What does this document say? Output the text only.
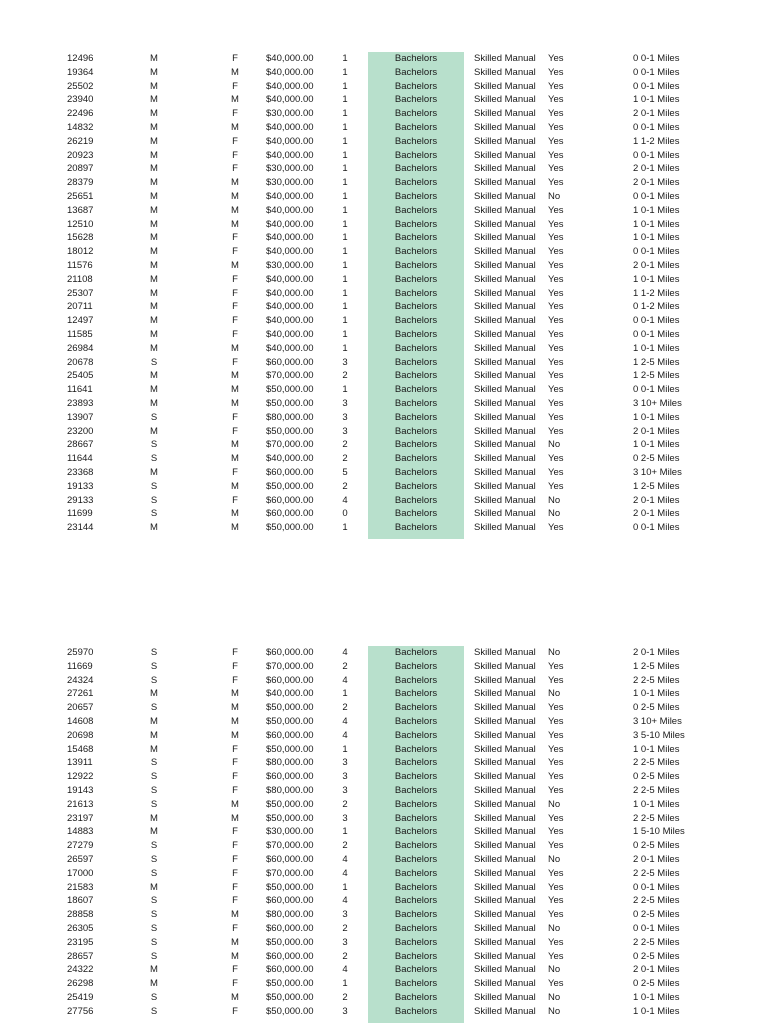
12496	M	F	$40,000.00	1	Bachelors	Skilled Manual Yes	0 0-1 Miles
19364	M	M	$40,000.00	1	Bachelors	Skilled Manual Yes	0 0-1 Miles
25502	M	F	$40,000.00	1	Bachelors	Skilled Manual Yes	0 0-1 Miles
23940	M	M	$40,000.00	1	Bachelors	Skilled Manual Yes	1 0-1 Miles
22496	M	F	$30,000.00	1	Bachelors	Skilled Manual Yes	2 0-1 Miles
14832	M	M	$40,000.00	1	Bachelors	Skilled Manual Yes	0 0-1 Miles
26219	M	F	$40,000.00	1	Bachelors	Skilled Manual Yes	1 1-2 Miles
20923	M	F	$40,000.00	1	Bachelors	Skilled Manual Yes	0 0-1 Miles
20897	M	F	$30,000.00	1	Bachelors	Skilled Manual Yes	2 0-1 Miles
28379	M	M	$30,000.00	1	Bachelors	Skilled Manual Yes	2 0-1 Miles
25651	M	M	$40,000.00	1	Bachelors	Skilled Manual No	0 0-1 Miles
13687	M	M	$40,000.00	1	Bachelors	Skilled Manual Yes	1 0-1 Miles
12510	M	M	$40,000.00	1	Bachelors	Skilled Manual Yes	1 0-1 Miles
15628	M	F	$40,000.00	1	Bachelors	Skilled Manual Yes	1 0-1 Miles
18012	M	F	$40,000.00	1	Bachelors	Skilled Manual Yes	0 0-1 Miles
11576	M	M	$30,000.00	1	Bachelors	Skilled Manual Yes	2 0-1 Miles
21108	M	F	$40,000.00	1	Bachelors	Skilled Manual Yes	1 0-1 Miles
25307	M	F	$40,000.00	1	Bachelors	Skilled Manual Yes	1 1-2 Miles
20711	M	F	$40,000.00	1	Bachelors	Skilled Manual Yes	0 1-2 Miles
12497	M	F	$40,000.00	1	Bachelors	Skilled Manual Yes	0 0-1 Miles
11585	M	F	$40,000.00	1	Bachelors	Skilled Manual Yes	0 0-1 Miles
26984	M	M	$40,000.00	1	Bachelors	Skilled Manual Yes	1 0-1 Miles
20678	S	F	$60,000.00	3	Bachelors	Skilled Manual Yes	1 2-5 Miles
25405	M	M	$70,000.00	2	Bachelors	Skilled Manual Yes	1 2-5 Miles
11641	M	M	$50,000.00	1	Bachelors	Skilled Manual Yes	0 0-1 Miles
23893	M	M	$50,000.00	3	Bachelors	Skilled Manual Yes	3 10+ Miles
13907	S	F	$80,000.00	3	Bachelors	Skilled Manual Yes	1 0-1 Miles
23200	M	F	$50,000.00	3	Bachelors	Skilled Manual Yes	2 0-1 Miles
28667	S	M	$70,000.00	2	Bachelors	Skilled Manual No	1 0-1 Miles
11644	S	M	$40,000.00	2	Bachelors	Skilled Manual Yes	0 2-5 Miles
23368	M	F	$60,000.00	5	Bachelors	Skilled Manual Yes	3 10+ Miles
19133	S	M	$50,000.00	2	Bachelors	Skilled Manual Yes	1 2-5 Miles
29133	S	F	$60,000.00	4	Bachelors	Skilled Manual No	2 0-1 Miles
11699	S	M	$60,000.00	0	Bachelors	Skilled Manual No	2 0-1 Miles
23144	M	M	$50,000.00	1	Bachelors	Skilled Manual Yes	0 0-1 Miles
25970	S	F	$60,000.00	4	Bachelors	Skilled Manual No	2 0-1 Miles
11669	S	F	$70,000.00	2	Bachelors	Skilled Manual Yes	1 2-5 Miles
24324	S	F	$60,000.00	4	Bachelors	Skilled Manual Yes	2 2-5 Miles
27261	M	M	$40,000.00	1	Bachelors	Skilled Manual No	1 0-1 Miles
20657	S	M	$50,000.00	2	Bachelors	Skilled Manual Yes	0 2-5 Miles
14608	M	M	$50,000.00	4	Bachelors	Skilled Manual Yes	3 10+ Miles
20698	M	M	$60,000.00	4	Bachelors	Skilled Manual Yes	3 5-10 Miles
15468	M	F	$50,000.00	1	Bachelors	Skilled Manual Yes	1 0-1 Miles
13911	S	F	$80,000.00	3	Bachelors	Skilled Manual Yes	2 2-5 Miles
12922	S	F	$60,000.00	3	Bachelors	Skilled Manual Yes	0 2-5 Miles
19143	S	F	$80,000.00	3	Bachelors	Skilled Manual Yes	2 2-5 Miles
21613	S	M	$50,000.00	2	Bachelors	Skilled Manual No	1 0-1 Miles
23197	M	M	$50,000.00	3	Bachelors	Skilled Manual Yes	2 2-5 Miles
14883	M	F	$30,000.00	1	Bachelors	Skilled Manual Yes	1 5-10 Miles
27279	S	F	$70,000.00	2	Bachelors	Skilled Manual Yes	0 2-5 Miles
26597	S	F	$60,000.00	4	Bachelors	Skilled Manual No	2 0-1 Miles
17000	S	F	$70,000.00	4	Bachelors	Skilled Manual Yes	2 2-5 Miles
21583	M	F	$50,000.00	1	Bachelors	Skilled Manual Yes	0 0-1 Miles
18607	S	F	$60,000.00	4	Bachelors	Skilled Manual Yes	2 2-5 Miles
28858	S	M	$80,000.00	3	Bachelors	Skilled Manual Yes	0 2-5 Miles
26305	S	F	$60,000.00	2	Bachelors	Skilled Manual No	0 0-1 Miles
23195	S	M	$50,000.00	3	Bachelors	Skilled Manual Yes	2 2-5 Miles
28657	S	M	$60,000.00	2	Bachelors	Skilled Manual Yes	0 2-5 Miles
24322	M	F	$60,000.00	4	Bachelors	Skilled Manual No	2 0-1 Miles
26298	M	F	$50,000.00	1	Bachelors	Skilled Manual Yes	0 2-5 Miles
25419	S	M	$50,000.00	2	Bachelors	Skilled Manual No	1 0-1 Miles
27756	S	F	$50,000.00	3	Bachelors	Skilled Manual No	1 0-1 Miles
